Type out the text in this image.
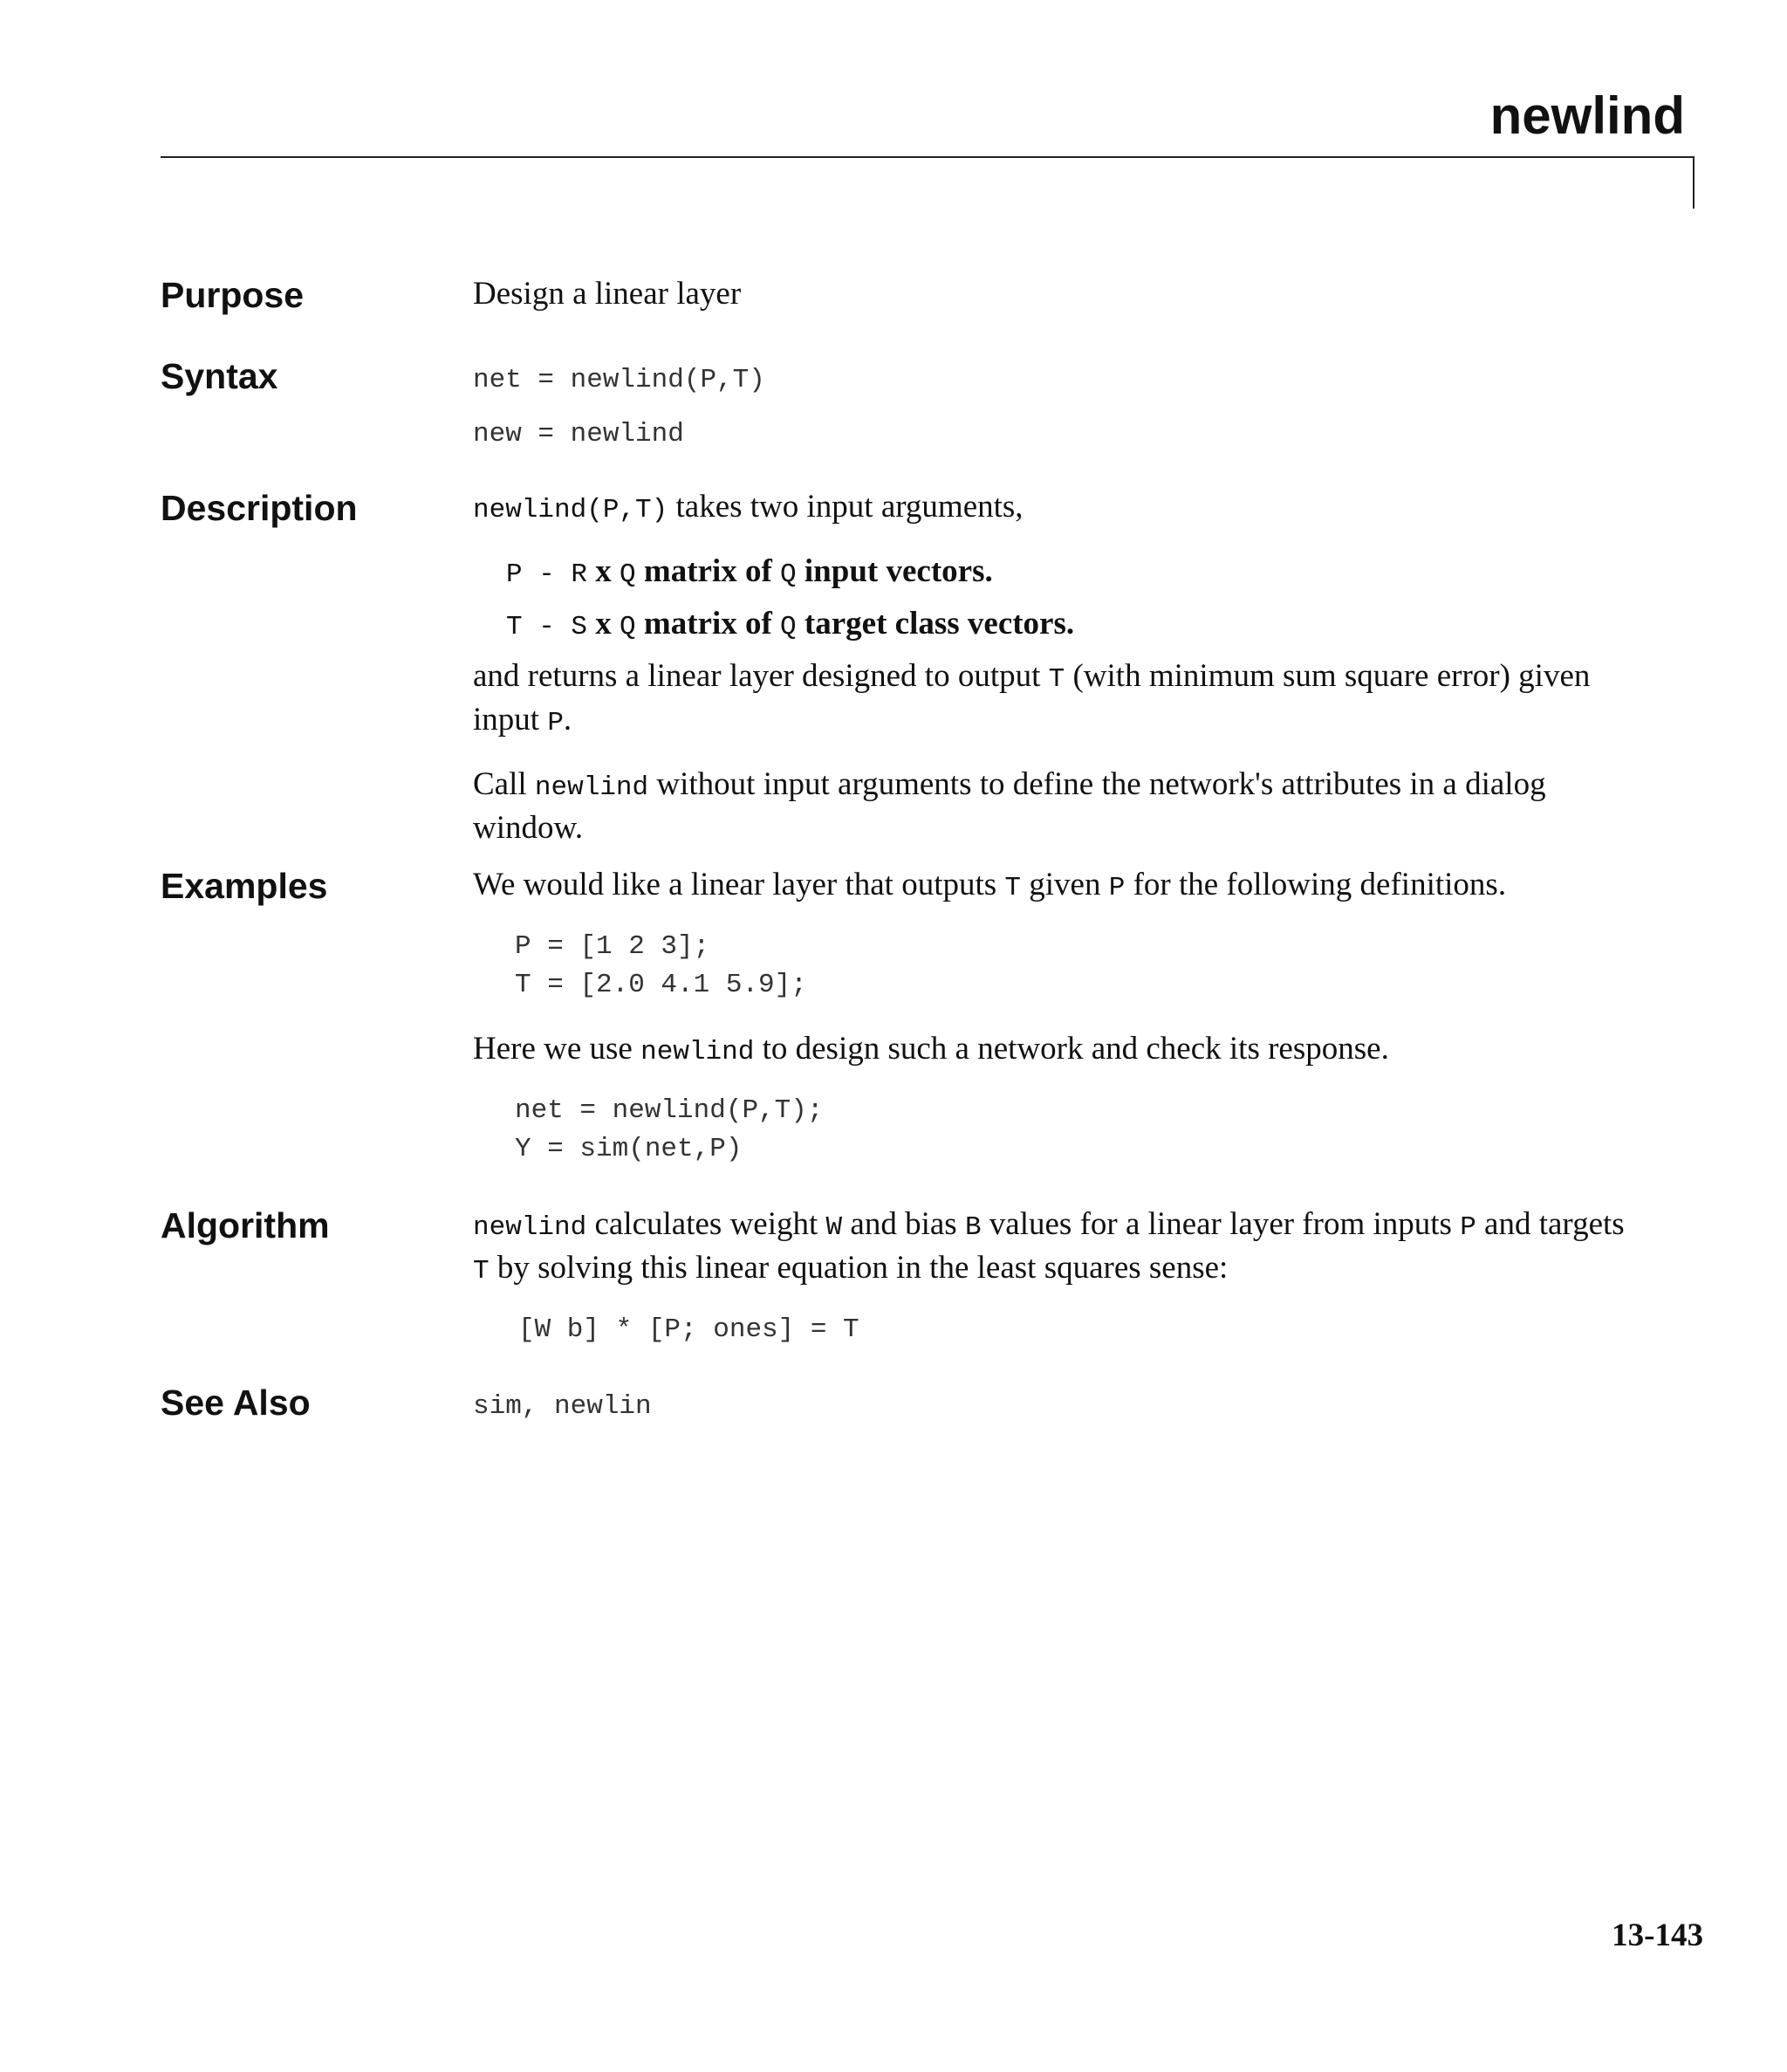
newlind
Purpose	Design a linear layer

Syntax	net = newlind(P,T)

new = newlind

Description	newlind(P,T) takes two input arguments,

P - R x Q matrix of Q input vectors.

T - S x Q matrix of Q target class vectors.

and returns a linear layer designed to output T (with minimum sum square error) given input P.

Call newlind without input arguments to define the network's attributes in a dialog window.

Examples	We would like a linear layer that outputs T given P for the following definitions.

P = [1 2 3];

T = [2.0 4.1 5.9];

Here we use newlind to design such a network and check its response.

net = newlind(P,T);

Y = sim(net,P)

Algorithm	newlind calculates weight W and bias B values for a linear layer from inputs P and targets T by solving this linear equation in the least squares sense:

[W b] * [P; ones] = T

See Also	sim, newlin

13-143
